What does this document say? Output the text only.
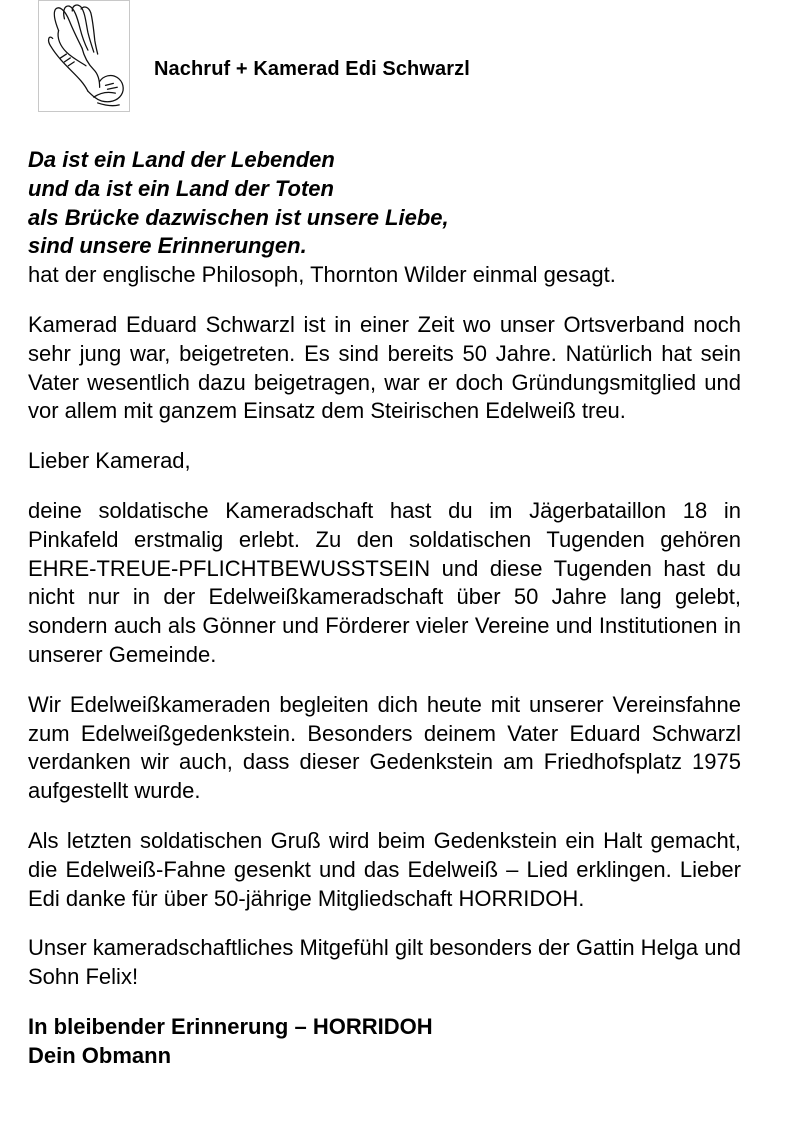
Nachruf + Kamerad Edi Schwarzl
Da ist ein Land der Lebenden
und da ist ein Land der Toten
als Brücke dazwischen ist unsere Liebe,
sind unsere Erinnerungen.
hat der englische Philosoph, Thornton Wilder einmal gesagt.

Kamerad Eduard Schwarzl ist in einer Zeit wo unser Ortsverband noch sehr jung war, beigetreten. Es sind bereits 50 Jahre. Natürlich hat sein Vater wesentlich dazu beigetragen, war er doch Gründungsmitglied und vor allem mit ganzem Einsatz dem Steirischen Edelweiß treu.

Lieber Kamerad,

deine soldatische Kameradschaft hast du im Jägerbataillon 18 in Pinkafeld erstmalig erlebt. Zu den soldatischen Tugenden gehören EHRE-TREUE-PFLICHTBEWUSSTSEIN und diese Tugenden hast du nicht nur in der Edelweißkameradschaft über 50 Jahre lang gelebt, sondern auch als Gönner und Förderer vieler Vereine und Institutionen in unserer Gemeinde.

Wir Edelweißkameraden begleiten dich heute mit unserer Vereinsfahne zum Edelweißgedenkstein. Besonders deinem Vater Eduard Schwarzl verdanken wir auch, dass dieser Gedenkstein am Friedhofsplatz 1975 aufgestellt wurde.

Als letzten soldatischen Gruß wird beim Gedenkstein ein Halt gemacht, die Edelweiß-Fahne gesenkt und das Edelweiß – Lied erklingen. Lieber Edi danke für über 50-jährige Mitgliedschaft HORRIDOH.

Unser kameradschaftliches Mitgefühl gilt besonders der Gattin Helga und Sohn Felix!

In bleibender Erinnerung – HORRIDOH
Dein Obmann
